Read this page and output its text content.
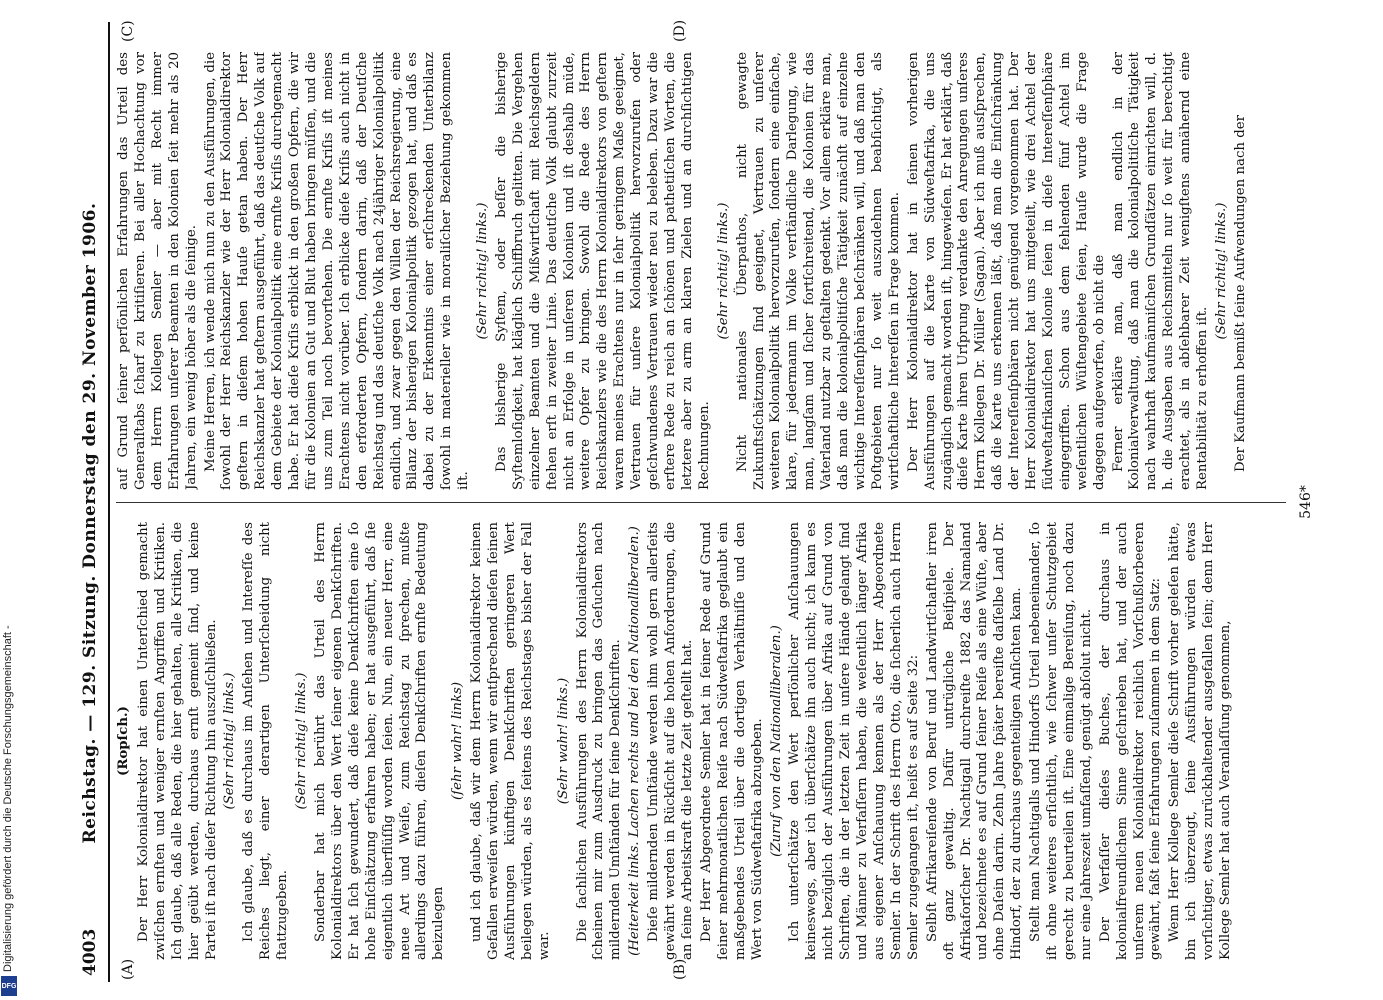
DFG
Digitalisierung gefördert durch die Deutsche Forschungsgemeinschaft -	4003
Reichstag. — 129. Sitzung. Donnerstag den 29. November 1906.
(A)	(B)
(C)	(D)

(Ropſch.) Der Herr Kolonialdirektor hat einen Unterſchied gemacht zwiſchen ernſten und weniger ernſten Angriffen und Kritiken. Ich glaube, daß alle Reden, die hier gehalten, alle Kritiken, die hier geübt werden, durchaus ernſt gemeint ſind, und keine Partei iſt nach dieſer Richtung hin auszuſchließen. (Sehr richtig! links.) Ich glaube, daß es durchaus im Anſehen und Intereſſe des Reiches liegt, einer derartigen Unterſcheidung nicht ſtattzugeben.

(Sehr richtig! links.) Sonderbar hat mich berührt das Urteil des Herrn Kolonialdirektors über den Wert ſeiner eigenen Denkſchriften. Er hat ſich gewundert, daß dieſe keine Denkſchriften eine ſo hohe Einſchätzung erfahren haben; er hat ausgeführt, daß ſie eigentlich überflüſſig worden ſeien. Nun, ein neuer Herr, eine neue Art und Weiſe, zum Reichstag zu ſprechen, mußte allerdings dazu führen, dieſen Denkſchriften ernſte Bedeutung beizulegen

(ſehr wahr! links) und ich glaube, daß wir dem Herrn Kolonialdirektor keinen Gefallen erweiſen würden, wenn wir entſprechend dieſen ſeinen Ausführungen künftigen Denkſchriften geringeren Wert beilegen würden, als es ſeitens des Reichstages bisher der Fall war.

(Sehr wahr! links.) Die ſachlichen Ausführungen des Herrn Kolonialdirektors ſcheinen mir zum Ausdruck zu bringen das Geſuchen nach mildernden Umſtänden für ſeine Denkſchriften. (Heiterkeit links. Lachen rechts und bei den Nationalliberalen.) Dieſe mildernden Umſtände werden ihm wohl gern allerſeits gewährt werden in Rückſicht auf die hohen Anforderungen, die an ſeine Arbeitskraft die letzte Zeit geſtellt hat. Der Herr Abgeordnete Semler hat in ſeiner Rede auf Grund ſeiner mehrmonatlichen Reiſe nach Südweſtafrika geglaubt ein maßgebendes Urteil über die dortigen Verhältniſſe und den Wert von Südweſtafrika abzugeben. (Zuruf von den Nationalliberalen.) Ich unterſchätze den Wert perſönlicher Anſchauungen keineswegs, aber ich überſchätze ihn auch nicht; ich kann es nicht bezüglich der Ausführungen über Afrika auf Grund von Schriften, die in der letzten Zeit in unſere Hände gelangt ſind und Männer zu Verfaſſern haben, die weſentlich länger Afrika aus eigener Anſchauung kennen als der Herr Abgeordnete Semler. In der Schrift des Herrn Otto, die ſicherlich auch Herrn Semler zugegangen iſt, heißt es auf Seite 32: Selbſt Afrikareiſende von Beruf und Landwirtſchaftler irren oft ganz gewaltig. Dafür untrügliche Beiſpiele. Der Afrikaforſcher Dr. Nachtigall durchreiſte 1882 das Namaland und bezeichnete es auf Grund ſeiner Reiſe als eine Wüſte, aber ohne Daſein darin. Zehn Jahre ſpäter bereiſte daſſelbe Land Dr. Hindorf, der zu durchaus gegenteiligen Anſichten kam. Stellt man Nachtigalls und Hindorfs Urteil nebeneinander, ſo iſt ohne weiteres erſichtlich, wie ſchwer unſer Schutzgebiet gerecht zu beurteilen iſt. Eine einmalige Bereiſung, noch dazu nur eine Jahreszeit umfaſſend, genügt abſolut nicht. Der Verfaſſer dieſes Buches, der durchaus in kolonialfreundlichem Sinne geſchrieben hat, und der auch unſerem neuen Kolonialdirektor reichlich Vorſchußlorbeeren gewährt, faßt ſeine Erfahrungen zuſammen in dem Satz: Wenn Herr Kollege Semler dieſe Schrift vorher geleſen hätte, bin ich überzeugt, ſeine Ausführungen würden etwas vorſichtiger, etwas zurückhaltender ausgefallen ſein; denn Herr Kollege Semler hat auch Veranlaſſung genommen,

auf Grund ſeiner perſönlichen Erfahrungen das Urteil des Generalſtabs ſcharf zu kritiſieren. Bei aller Hochachtung vor dem Herrn Kollegen Semler — aber mit Recht immer Erfahrungen unſerer Beamten in den Kolonien ſeit mehr als 20 Jahren, ein wenig höher als die ſeinige. Meine Herren, ich wende mich nun zu den Ausführungen, die ſowohl der Herr Reichskanzler wie der Herr Kolonialdirektor geſtern in dieſem hohen Hauſe getan haben. Der Herr Reichskanzler hat geſtern ausgeführt, daß das deutſche Volk auf dem Gebiete der Kolonialpolitik eine ernſte Kriſis durchgemacht habe. Er hat dieſe Kriſis erblickt in den großen Opfern, die wir für die Kolonien an Gut und Blut haben bringen müſſen, und die uns zum Teil noch bevorſtehen. Die ernſte Kriſis iſt meines Erachtens nicht vorüber. Ich erblicke dieſe Kriſis auch nicht in den erforderten Opfern, ſondern darin, daß der Deutſche Reichstag und das deutſche Volk nach 24jähriger Kolonialpolitik endlich, und zwar gegen den Willen der Reichsregierung, eine Bilanz der bisherigen Kolonialpolitik gezogen hat, und daß es dabei zu der Erkenntnis einer erſchreckenden Unterbilanz ſowohl in materieller wie in moraliſcher Beziehung gekommen iſt.

(Sehr richtig! links.) Das bisherige Syſtem, oder beſſer die bisherige Syſtemloſigkeit, hat kläglich Schiffbruch gelitten. Die Vergehen einzelner Beamten und die Mißwirtſchaft mit Reichsgeldern ſtehen erſt in zweiter Linie. Das deutſche Volk glaubt zurzeit nicht an Erfolge in unſeren Kolonien und iſt deshalb müde, weitere Opfer zu bringen. Sowohl die Rede des Herrn Reichskanzlers wie die des Herrn Kolonialdirektors von geſtern waren meines Erachtens nur in ſehr geringem Maße geeignet, Vertrauen für unſere Kolonialpolitik hervorzurufen oder geſchwundenes Vertrauen wieder neu zu beleben. Dazu war die erſtere Rede zu reich an ſchönen und pathetiſchen Worten, die letztere aber zu arm an klaren Zielen und an durchſichtigen Rechnungen.

(Sehr richtig! links.) Nicht nationales Überpathos, nicht gewagte Zukunftsſchätzungen ſind geeignet, Vertrauen zu unſerer weiteren Kolonialpolitik hervorzurufen, ſondern eine einfache, klare, für jedermann im Volke verſtändliche Darlegung, wie man, langſam und ſicher fortſchreitend, die Kolonien für das Vaterland nutzbar zu geſtalten gedenkt. Vor allem erkläre man, daß man die kolonialpolitiſche Tätigkeit zunächſt auf einzelne wichtige Intereſſenſphären beſchränken will, und daß man den Poſtgebieten nur ſo weit auszudehnen beabſichtigt, als wirtſchaftliche Intereſſen in Frage kommen. Der Herr Kolonialdirektor hat in ſeinen vorherigen Ausführungen auf die Karte von Südweſtafrika, die uns zugänglich gemacht worden iſt, hingewieſen. Er hat erklärt, daß dieſe Karte ihren Urſprung verdankte den Anregungen unſeres Herrn Kollegen Dr. Müller (Sagan). Aber ich muß ausſprechen, daß die Karte uns erkennen läßt, daß man die Einſchränkung der Intereſſenſphären nicht genügend vorgenommen hat. Der Herr Kolonialdirektor hat uns mitgeteilt, wie drei Achtel der ſüdweſtafrikaniſchen Kolonie ſeien in dieſe Intereſſenſphäre eingegriffen. Schon aus dem fehlenden fünf Achtel im weſentlichen Wüſtengebiete ſeien, Hauſe wurde die Frage dagegen aufgeworfen, ob nicht die Ferner erkläre man, daß man endlich in der Kolonialverwaltung, daß man die kolonialpolitiſche Tätigkeit nach wahrhaft kaufmänniſchen Grundſätzen einrichten will, d. h. die Ausgaben aus Reichsmitteln nur ſo weit für berechtigt erachtet, als in abſehbarer Zeit wenigſtens annähernd eine Rentabilität zu erhoffen iſt.

(Sehr richtig! links.) Der Kaufmann bemißt ſeine Aufwendungen nach der

546*
